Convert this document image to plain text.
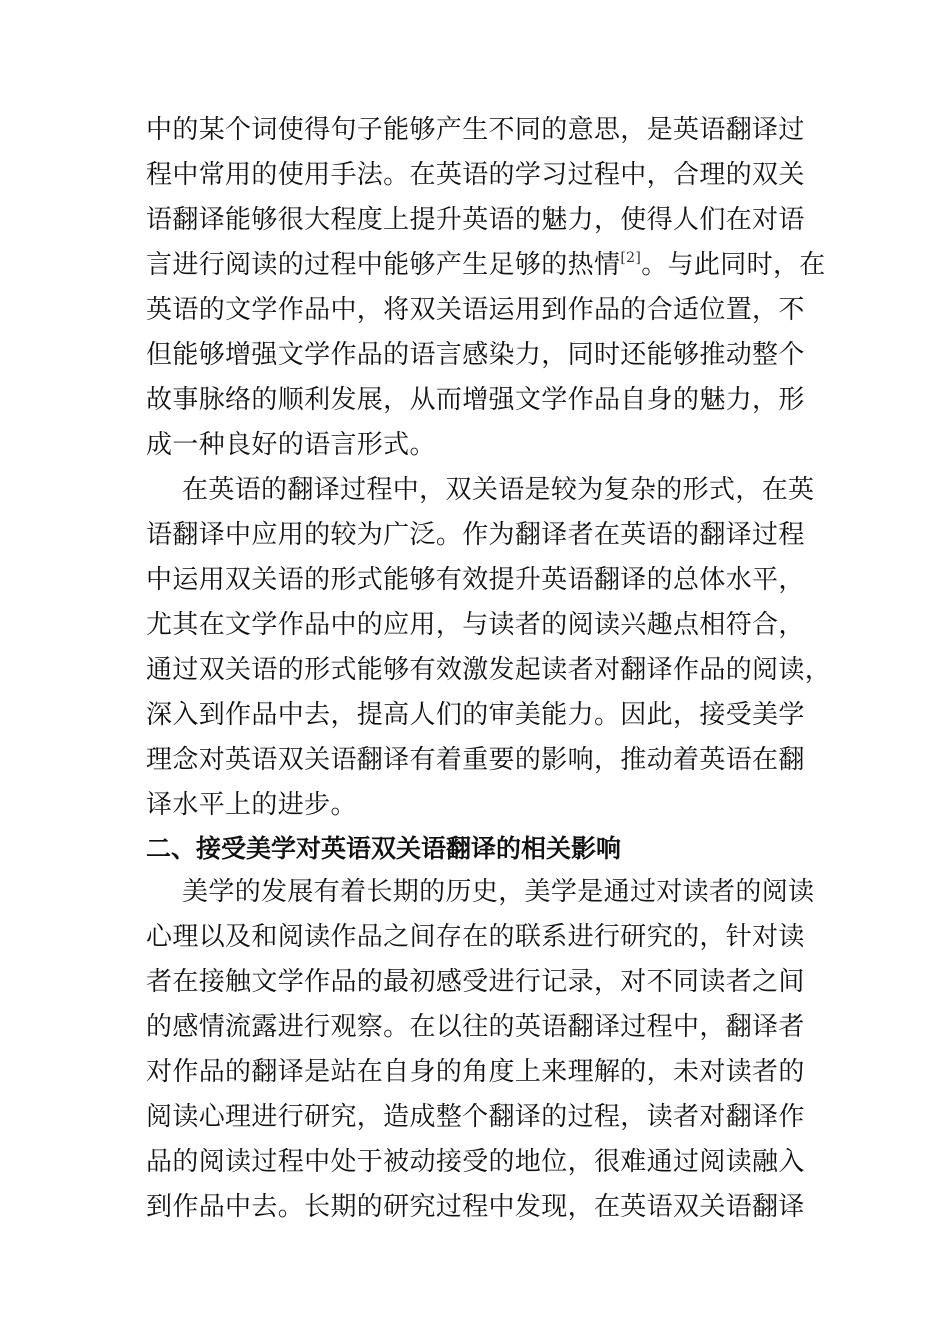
中的某个词使得句子能够产生不同的意思，是英语翻译过
程中常用的使用手法。在英语的学习过程中，合理的双关
语翻译能够很大程度上提升英语的魅力，使得人们在对语
言进行阅读的过程中能够产生足够的热情[2]。与此同时，在
英语的文学作品中，将双关语运用到作品的合适位置，不
但能够增强文学作品的语言感染力，同时还能够推动整个
故事脉络的顺利发展，从而增强文学作品自身的魅力，形
成一种良好的语言形式。
在英语的翻译过程中，双关语是较为复杂的形式，在英
语翻译中应用的较为广泛。作为翻译者在英语的翻译过程
中运用双关语的形式能够有效提升英语翻译的总体水平，
尤其在文学作品中的应用，与读者的阅读兴趣点相符合，
通过双关语的形式能够有效激发起读者对翻译作品的阅读，
深入到作品中去，提高人们的审美能力。因此，接受美学
理念对英语双关语翻译有着重要的影响，推动着英语在翻
译水平上的进步。
二、接受美学对英语双关语翻译的相关影响
美学的发展有着长期的历史，美学是通过对读者的阅读
心理以及和阅读作品之间存在的联系进行研究的，针对读
者在接触文学作品的最初感受进行记录，对不同读者之间
的感情流露进行观察。在以往的英语翻译过程中，翻译者
对作品的翻译是站在自身的角度上来理解的，未对读者的
阅读心理进行研究，造成整个翻译的过程，读者对翻译作
品的阅读过程中处于被动接受的地位，很难通过阅读融入
到作品中去。长期的研究过程中发现，在英语双关语翻译
